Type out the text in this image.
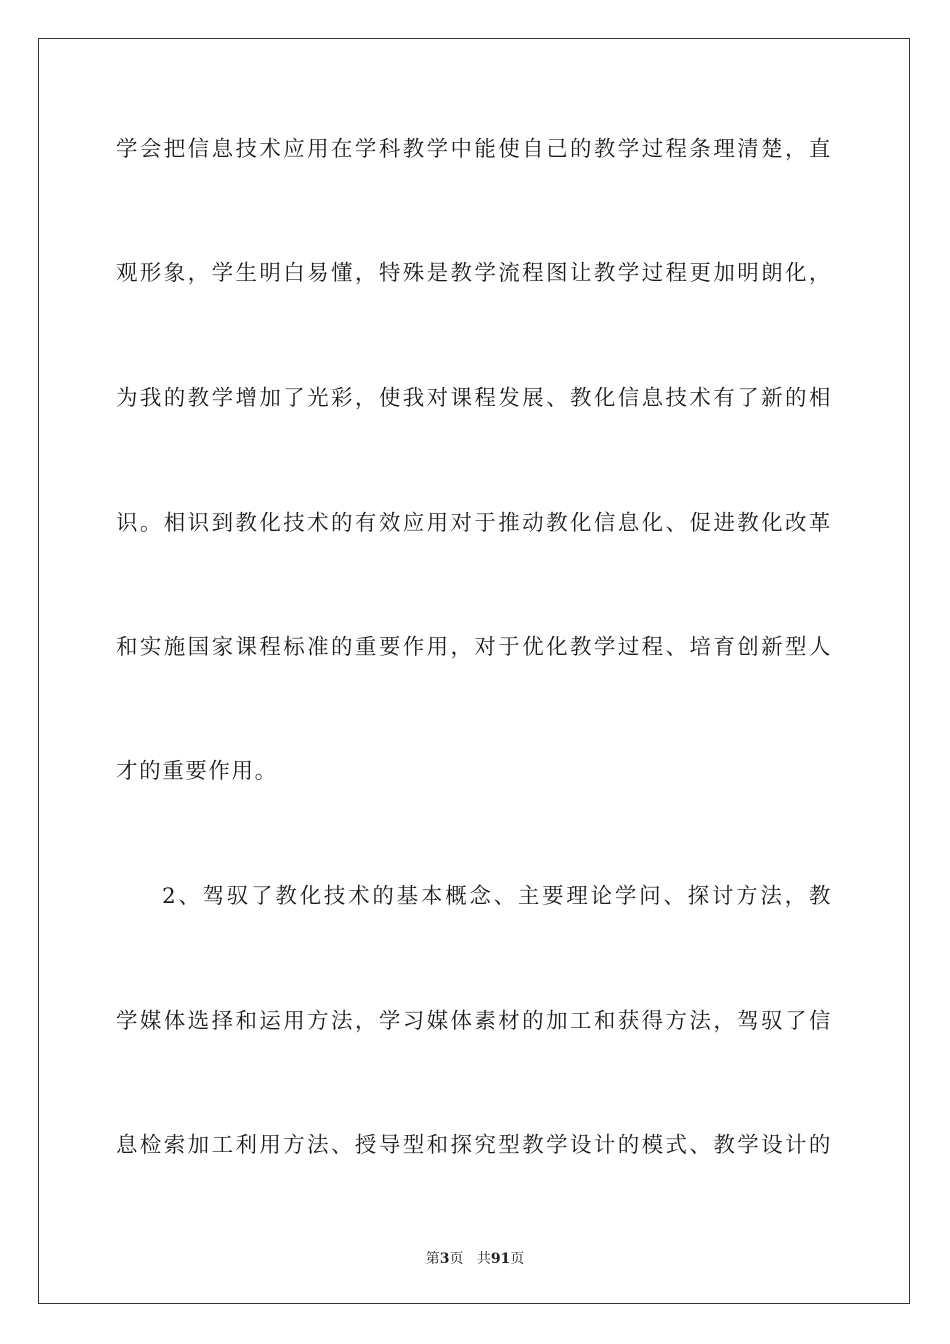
学会把信息技术应用在学科教学中能使自己的教学过程条理清楚，直
观形象，学生明白易懂，特殊是教学流程图让教学过程更加明朗化，
为我的教学增加了光彩，使我对课程发展、教化信息技术有了新的相
识。相识到教化技术的有效应用对于推动教化信息化、促进教化改革
和实施国家课程标准的重要作用，对于优化教学过程、培育创新型人
才的重要作用。
2、驾驭了教化技术的基本概念、主要理论学问、探讨方法，教
学媒体选择和运用方法，学习媒体素材的加工和获得方法，驾驭了信
息检索加工利用方法、授导型和探究型教学设计的模式、教学设计的
第3页 共91页
